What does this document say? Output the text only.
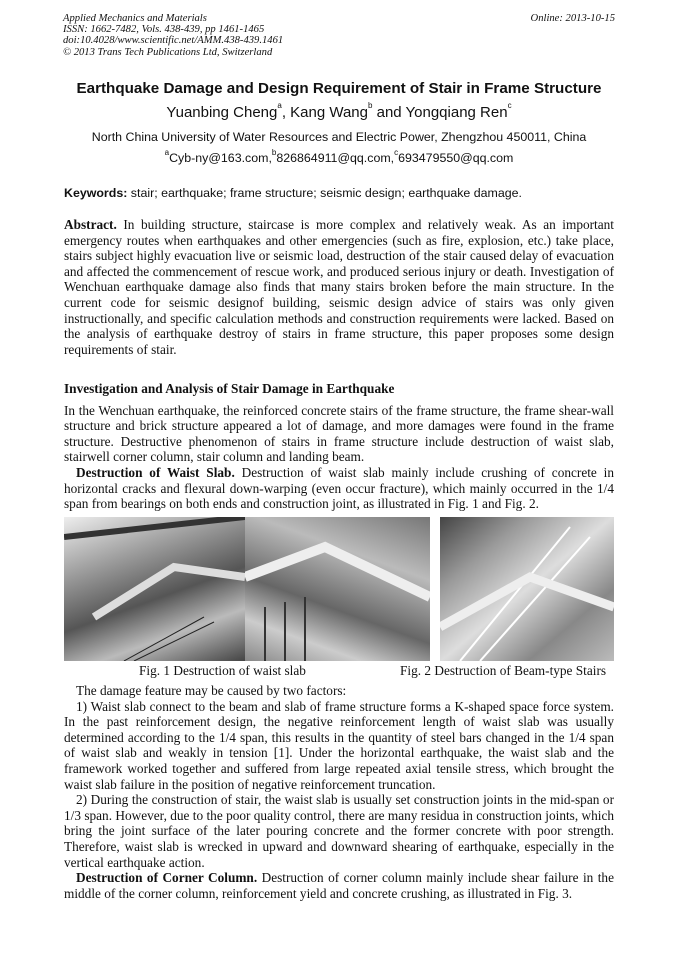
Applied Mechanics and Materials
ISSN: 1662-7482, Vols. 438-439, pp 1461-1465
doi:10.4028/www.scientific.net/AMM.438-439.1461
© 2013 Trans Tech Publications Ltd, Switzerland
Online: 2013-10-15
Earthquake Damage and Design Requirement of Stair in Frame Structure
Yuanbing Cheng$^a$, Kang Wang$^b$ and Yongqiang Ren$^c$
North China University of Water Resources and Electric Power, Zhengzhou 450011, China
$^a$Cyb-ny@163.com,$^b$826864911@qq.com,$^c$693479550@qq.com
Keywords: stair; earthquake; frame structure; seismic design; earthquake damage.

Abstract. In building structure, staircase is more complex and relatively weak. As an important emergency routes when earthquakes and other emergencies (such as fire, explosion, etc.) take place, stairs subject highly evacuation live or seismic load, destruction of the stair caused delay of evacuation and affected the commencement of rescue work, and produced serious injury or death. Investigation of Wenchuan earthquake damage also finds that many stairs broken before the main structure. In the current code for seismic designof building, seismic design advice of stairs was only given instructionally, and specific calculation methods and construction requirements were lacked. Based on the analysis of earthquake destroy of stairs in frame structure, this paper proposes some design requirements of stair.

Investigation and Analysis of Stair Damage in Earthquake

In the Wenchuan earthquake, the reinforced concrete stairs of the frame structure, the frame shear-wall structure and brick structure appeared a lot of damage, and more damages were found in the frame structure. Destructive phenomenon of stairs in frame structure include destruction of waist slab, stairwell corner column, stair column and landing beam.

Destruction of Waist Slab. Destruction of waist slab mainly include crushing of concrete in horizontal cracks and flexural down-warping (even occur fracture), which mainly occurred in the 1/4 span from bearings on both ends and construction joint, as illustrated in Fig. 1 and Fig. 2.

Fig. 1 Destruction of waist slab	Fig. 2 Destruction of Beam-type Stairs

The damage feature may be caused by two factors:

1) Waist slab connect to the beam and slab of frame structure forms a K-shaped space force system. In the past reinforcement design, the negative reinforcement length of waist slab was usually determined according to the 1/4 span, this results in the quantity of steel bars changed in the 1/4 span of waist slab and weakly in tension [1]. Under the horizontal earthquake, the waist slab and the framework worked together and suffered from large repeated axial tensile stress, which brought the waist slab failure in the position of negative reinforcement truncation.

2) During the construction of stair, the waist slab is usually set construction joints in the mid-span or 1/3 span. However, due to the poor quality control, there are many residua in construction joints, which bring the joint surface of the later pouring concrete and the former concrete with poor strength. Therefore, waist slab is wrecked in upward and downward shearing of earthquake, especially in the vertical earthquake action.

Destruction of Corner Column. Destruction of corner column mainly include shear failure in the middle of the corner column, reinforcement yield and concrete crushing, as illustrated in Fig. 3.
